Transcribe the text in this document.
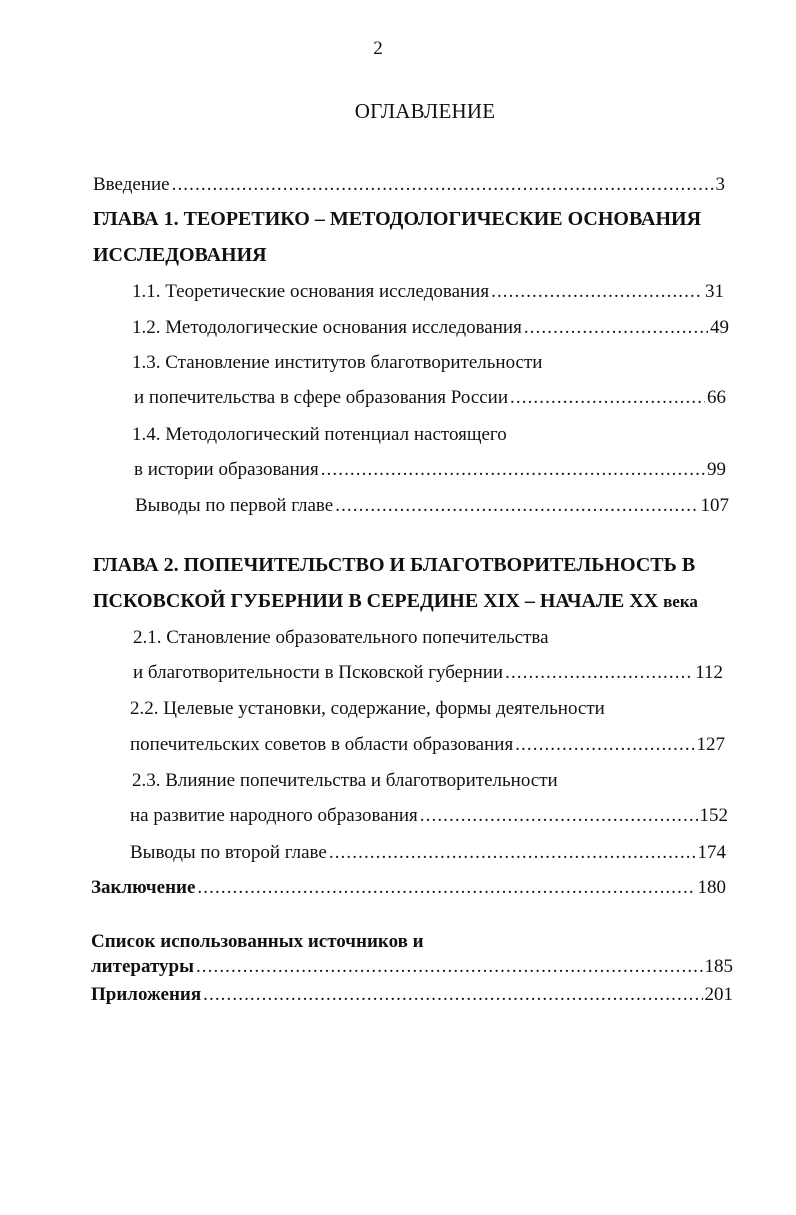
2
ОГЛАВЛЕНИЕ
Введение .....	3
ГЛАВА 1. ТЕОРЕТИКО – МЕТОДОЛОГИЧЕСКИЕ ОСНОВАНИЯ
ИССЛЕДОВАНИЯ
1.1. Теоретические основания исследования .....	31
1.2. Методологические основания исследования .....	49
1.3. Становление институтов благотворительности
и попечительства в сфере образования России .....	66
1.4. Методологический потенциал настоящего
в истории образования .....	99
Выводы по первой главе .....	107
ГЛАВА 2. ПОПЕЧИТЕЛЬСТВО И БЛАГОТВОРИТЕЛЬНОСТЬ В
ПСКОВСКОЙ ГУБЕРНИИ В СЕРЕДИНЕ XIX – НАЧАЛЕ XX века
2.1. Становление образовательного попечительства
и благотворительности в Псковской губернии .....	112
2.2. Целевые установки, содержание, формы деятельности
попечительских советов в области образования .....	127
2.3. Влияние попечительства и благотворительности
на развитие народного образования .....	152
Выводы по второй главе .....	174
Заключение .....	180
Список использованных источников и
литературы .....	185
Приложения .....	201
